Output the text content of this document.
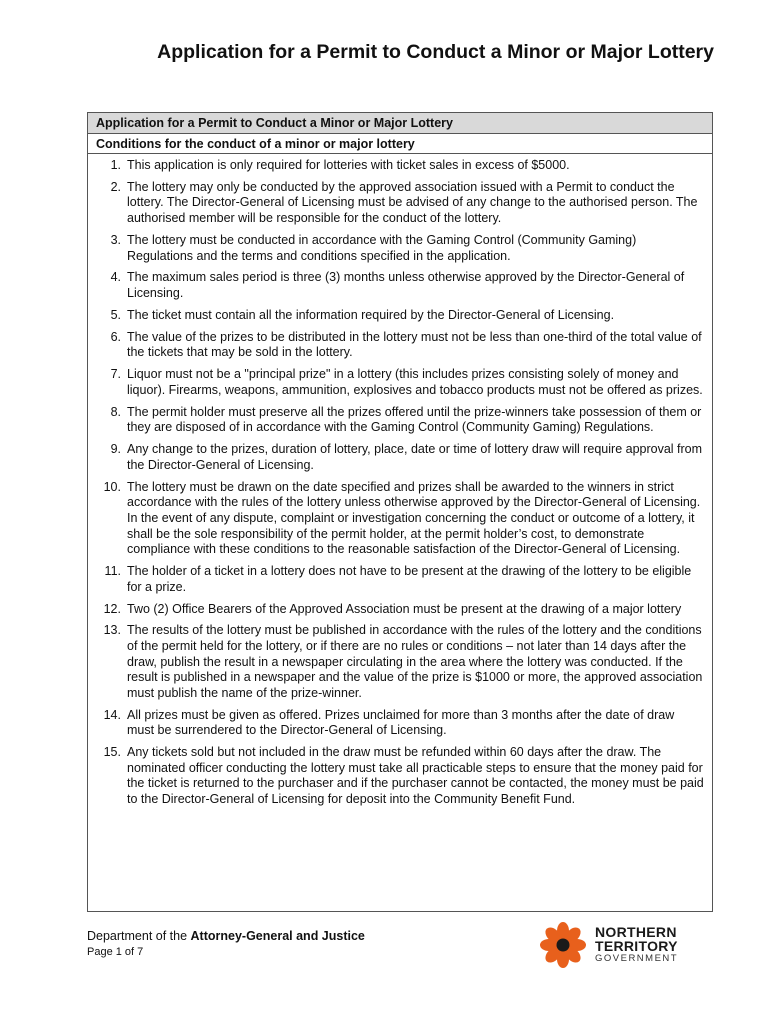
Application for a Permit to Conduct a Minor or Major Lottery
Application for a Permit to Conduct a Minor or Major Lottery
Conditions for the conduct of a minor or major lottery
1. This application is only required for lotteries with ticket sales in excess of $5000.
2. The lottery may only be conducted by the approved association issued with a Permit to conduct the lottery. The Director-General of Licensing must be advised of any change to the authorised person. The authorised member will be responsible for the conduct of the lottery.
3. The lottery must be conducted in accordance with the Gaming Control (Community Gaming) Regulations and the terms and conditions specified in the application.
4. The maximum sales period is three (3) months unless otherwise approved by the Director-General of Licensing.
5. The ticket must contain all the information required by the Director-General of Licensing.
6. The value of the prizes to be distributed in the lottery must not be less than one-third of the total value of the tickets that may be sold in the lottery.
7. Liquor must not be a "principal prize" in a lottery (this includes prizes consisting solely of money and liquor). Firearms, weapons, ammunition, explosives and tobacco products must not be offered as prizes.
8. The permit holder must preserve all the prizes offered until the prize-winners take possession of them or they are disposed of in accordance with the Gaming Control (Community Gaming) Regulations.
9. Any change to the prizes, duration of lottery, place, date or time of lottery draw will require approval from the Director-General of Licensing.
10. The lottery must be drawn on the date specified and prizes shall be awarded to the winners in strict accordance with the rules of the lottery unless otherwise approved by the Director-General of Licensing. In the event of any dispute, complaint or investigation concerning the conduct or outcome of a lottery, it shall be the sole responsibility of the permit holder, at the permit holder’s cost, to demonstrate compliance with these conditions to the reasonable satisfaction of the Director-General of Licensing.
11. The holder of a ticket in a lottery does not have to be present at the drawing of the lottery to be eligible for a prize.
12. Two (2) Office Bearers of the Approved Association must be present at the drawing of a major lottery
13. The results of the lottery must be published in accordance with the rules of the lottery and the conditions of the permit held for the lottery, or if there are no rules or conditions – not later than 14 days after the draw, publish the result in a newspaper circulating in the area where the lottery was conducted. If the result is published in a newspaper and the value of the prize is $1000 or more, the approved association must publish the name of the prize-winner.
14. All prizes must be given as offered. Prizes unclaimed for more than 3 months after the date of draw must be surrendered to the Director-General of Licensing.
15. Any tickets sold but not included in the draw must be refunded within 60 days after the draw. The nominated officer conducting the lottery must take all practicable steps to ensure that the money paid for the ticket is returned to the purchaser and if the purchaser cannot be contacted, the money must be paid to the Director-General of Licensing for deposit into the Community Benefit Fund.
Department of the Attorney-General and Justice
Page 1 of 7
NORTHERN
TERRITORY
GOVERNMENT
